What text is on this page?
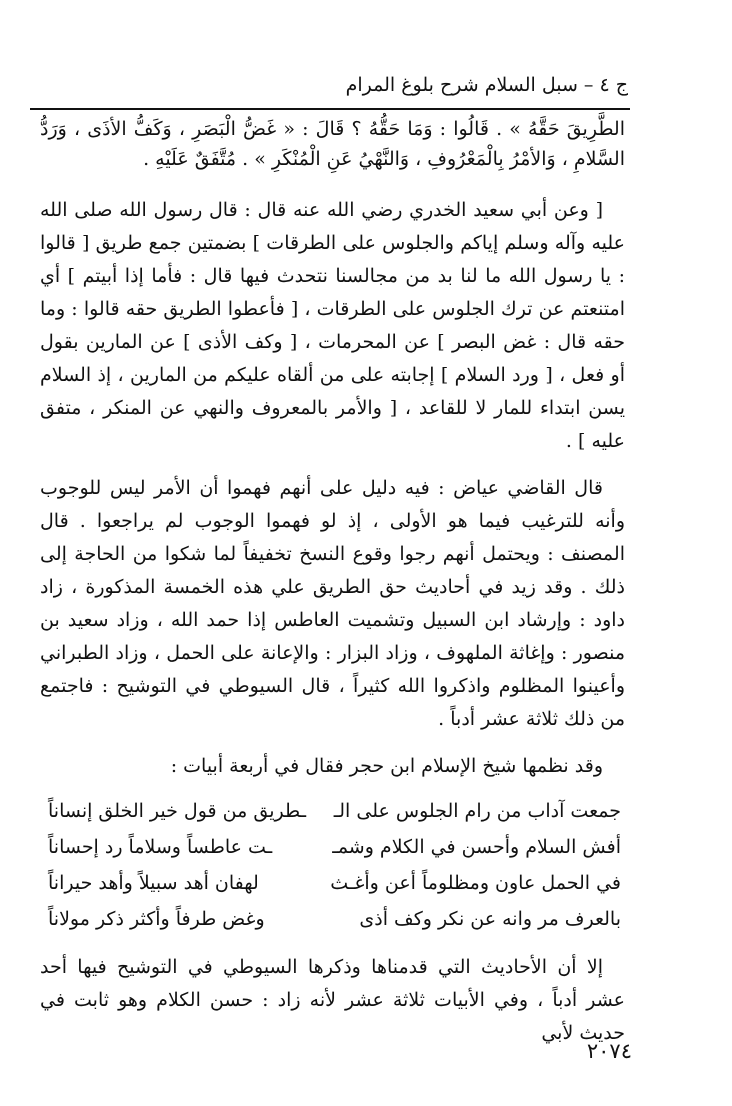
ج ٤ – سبل السلام شرح بلوغ المرام

الطَّرِيقَ حَقَّهُ » . قَالُوا : وَمَا حَقُّهُ ؟ قَالَ : « غَضُّ الْبَصَرِ ، وَكَفُّ الأذَى ، وَرَدُّ السَّلامِ ، وَالأمْرُ بِالْمَعْرُوفِ ، وَالنَّهْيُ عَنِ الْمُنْكَرِ » . مُتَّفَقٌ عَلَيْهِ .

[ وعن أبي سعيد الخدري رضي الله عنه قال : قال رسول الله صلى الله عليه وآله وسلم إياكم والجلوس على الطرقات ] بضمتين جمع طريق [ قالوا : يا رسول الله ما لنا بد من مجالسنا نتحدث فيها قال : فأما إذا أبيتم ] أي امتنعتم عن ترك الجلوس على الطرقات ، [ فأعطوا الطريق حقه قالوا : وما حقه قال : غض البصر ] عن المحرمات ، [ وكف الأذى ] عن المارين بقول أو فعل ، [ ورد السلام ] إجابته على من ألقاه عليكم من المارين ، إذ السلام يسن ابتداء للمار لا للقاعد ، [ والأمر بالمعروف والنهي عن المنكر ، متفق عليه ] .

قال القاضي عياض : فيه دليل على أنهم فهموا أن الأمر ليس للوجوب وأنه للترغيب فيما هو الأولى ، إذ لو فهموا الوجوب لم يراجعوا . قال المصنف : ويحتمل أنهم رجوا وقوع النسخ تخفيفاً لما شكوا من الحاجة إلى ذلك . وقد زيد في أحاديث حق الطريق علي هذه الخمسة المذكورة ، زاد داود : وإرشاد ابن السبيل وتشميت العاطس إذا حمد الله ، وزاد سعيد بن منصور : وإغاثة الملهوف ، وزاد البزار : والإعانة على الحمل ، وزاد الطبراني وأعينوا المظلوم واذكروا الله كثيراً ، قال السيوطي في التوشيح : فاجتمع من ذلك ثلاثة عشر أدباً .

وقد نظمها شيخ الإسلام ابن حجر فقال في أربعة أبيات :

جمعت آداب من رام الجلوس على الـ
ـطريق من قول خير الخلق إنساناً
أفش السلام وأحسن في الكلام وشمـ
ـت عاطساً وسلاماً رد إحساناً
في الحمل عاون ومظلوماً أعن وأغـث
لهفان أهد سبيلاً وأهد حيراناً
بالعرف مر وانه عن نكر وكف أذى
وغض طرفاً وأكثر ذكر مولاناً

إلا أن الأحاديث التي قدمناها وذكرها السيوطي في التوشيح فيها أحد عشر أدباً ، وفي الأبيات ثلاثة عشر لأنه زاد : حسن الكلام وهو ثابت في حديث لأبي

٢٠٧٤
